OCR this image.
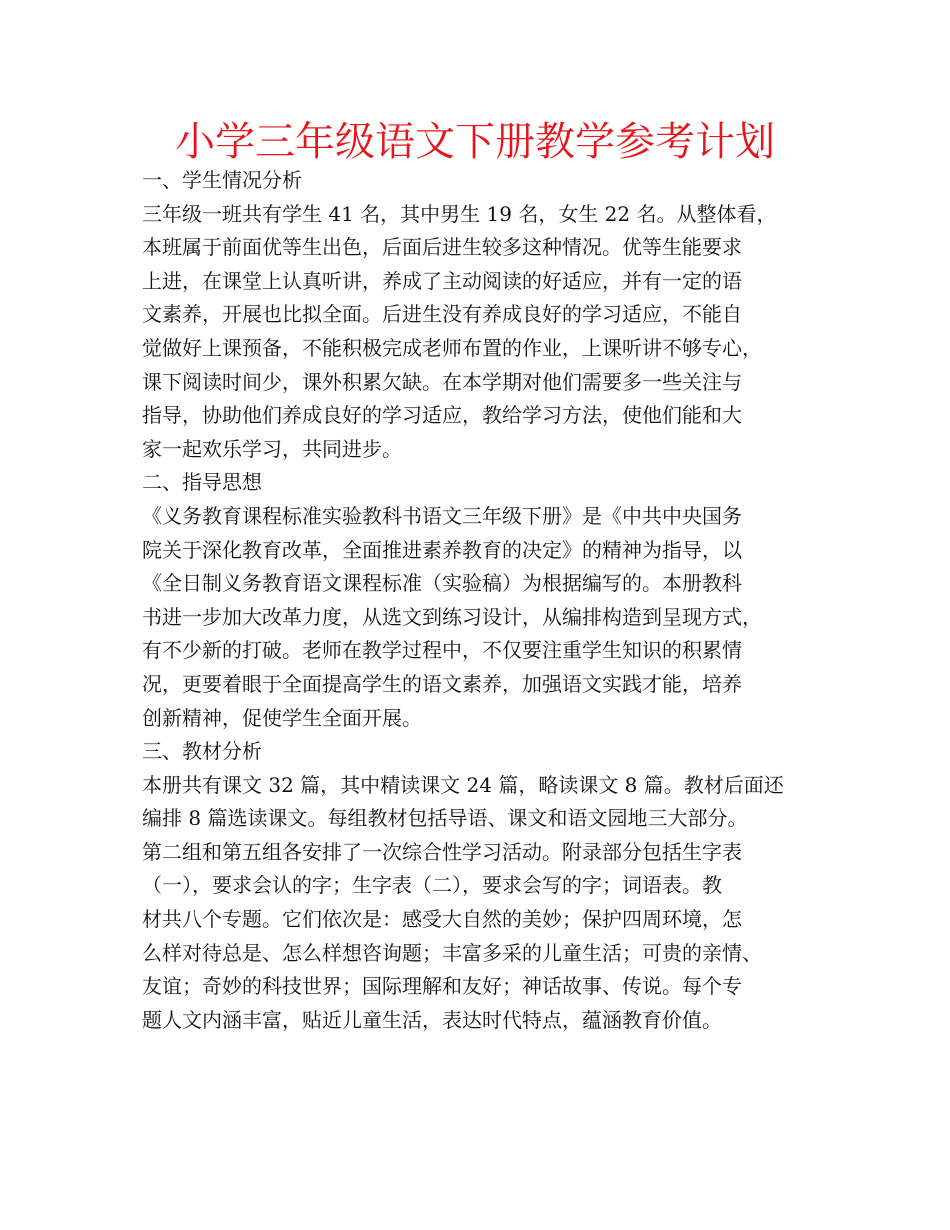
小学三年级语文下册教学参考计划
一、学生情况分析
三年级一班共有学生 41 名，其中男生 19 名，女生 22 名。从整体看，
本班属于前面优等生出色，后面后进生较多这种情况。优等生能要求
上进，在课堂上认真听讲，养成了主动阅读的好适应，并有一定的语
文素养，开展也比拟全面。后进生没有养成良好的学习适应，不能自
觉做好上课预备，不能积极完成老师布置的作业，上课听讲不够专心，
课下阅读时间少，课外积累欠缺。在本学期对他们需要多一些关注与
指导，协助他们养成良好的学习适应，教给学习方法，使他们能和大
家一起欢乐学习，共同进步。
二、指导思想
《义务教育课程标准实验教科书语文三年级下册》是《中共中央国务
院关于深化教育改革，全面推进素养教育的决定》的精神为指导，以
《全日制义务教育语文课程标准（实验稿）为根据编写的。本册教科
书进一步加大改革力度，从选文到练习设计，从编排构造到呈现方式，
有不少新的打破。老师在教学过程中，不仅要注重学生知识的积累情
况，更要着眼于全面提高学生的语文素养，加强语文实践才能，培养
创新精神，促使学生全面开展。
三、教材分析
本册共有课文 32 篇，其中精读课文 24 篇，略读课文 8 篇。教材后面还
编排 8 篇选读课文。每组教材包括导语、课文和语文园地三大部分。
第二组和第五组各安排了一次综合性学习活动。附录部分包括生字表
（一），要求会认的字；生字表（二），要求会写的字；词语表。教
材共八个专题。它们依次是：感受大自然的美妙；保护四周环境，怎
么样对待总是、怎么样想咨询题；丰富多采的儿童生活；可贵的亲情、
友谊；奇妙的科技世界；国际理解和友好；神话故事、传说。每个专
题人文内涵丰富，贴近儿童生活，表达时代特点，蕴涵教育价值。
